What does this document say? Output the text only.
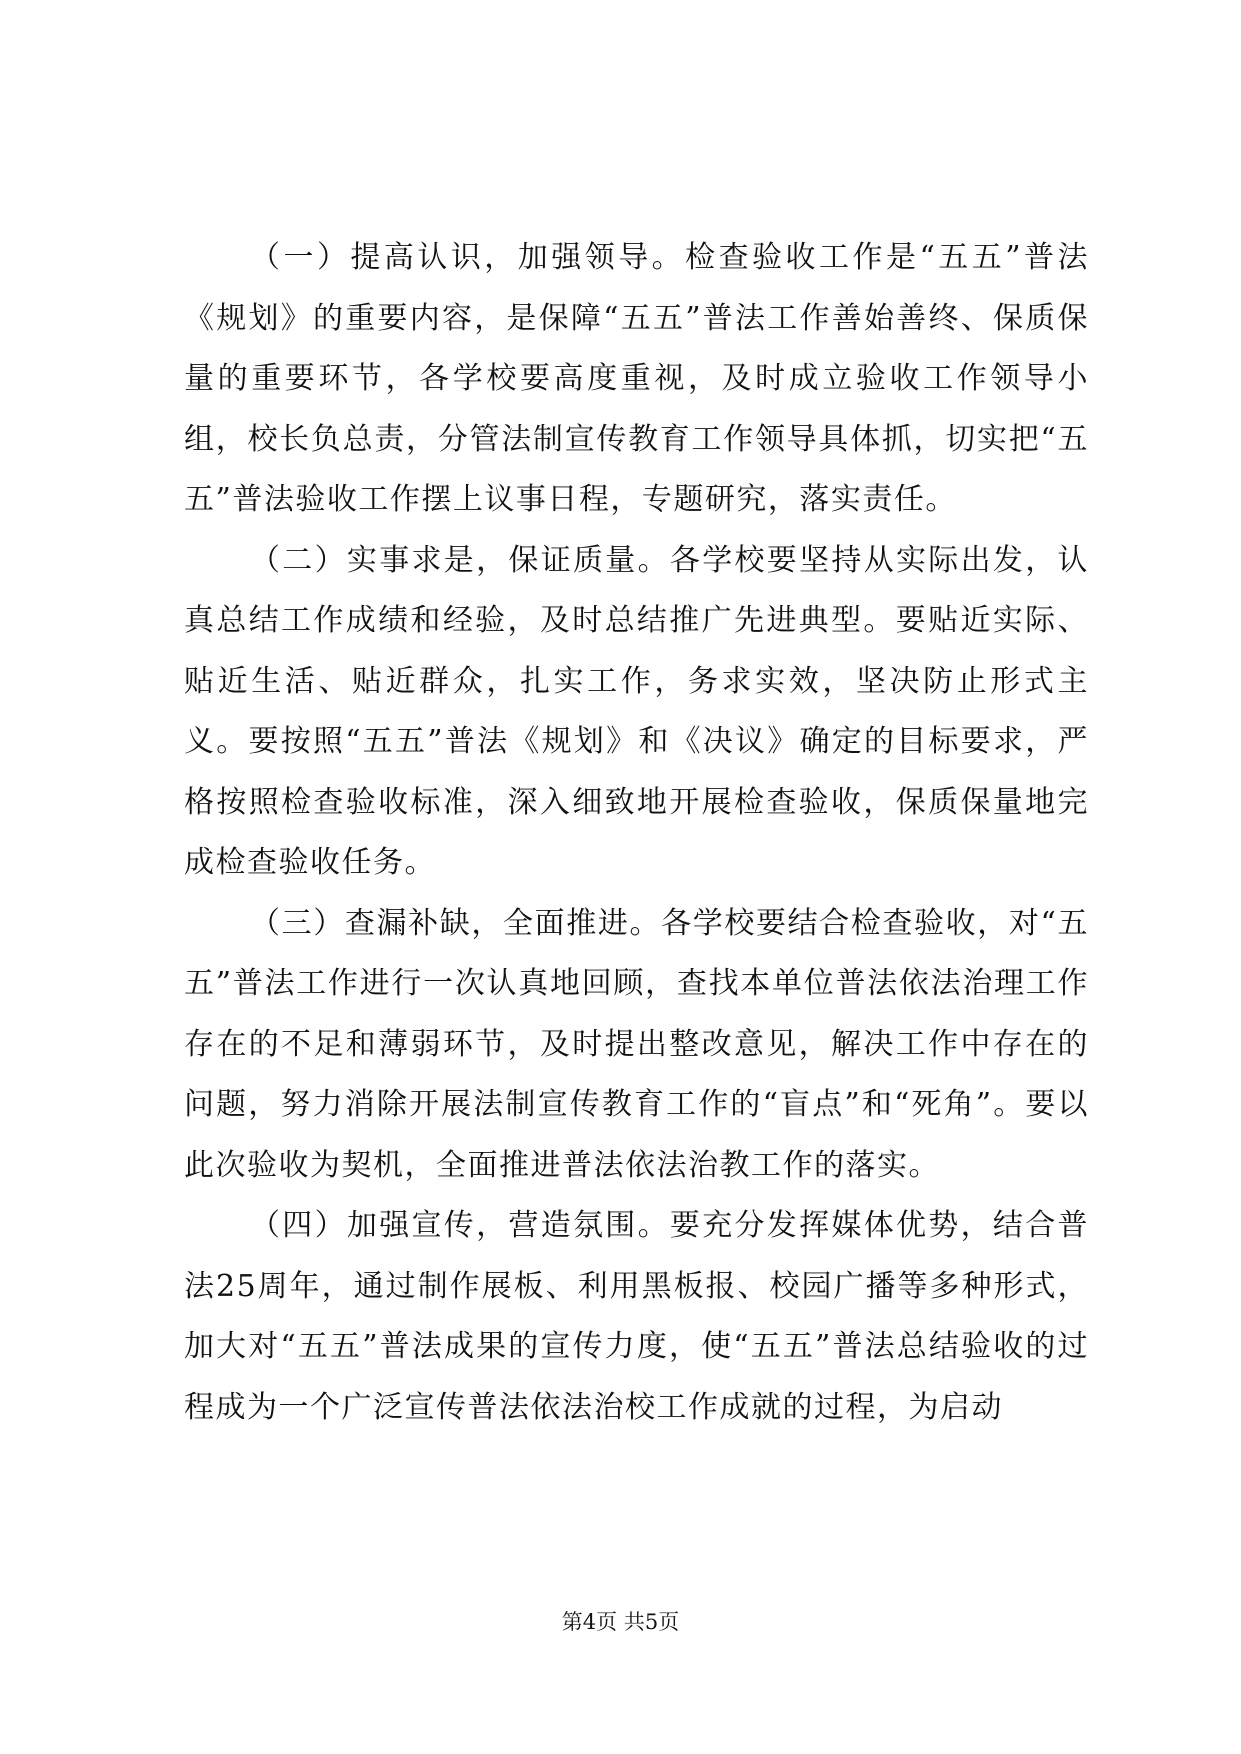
（一）提高认识，加强领导。检查验收工作是“五五”普法《规划》的重要内容，是保障“五五”普法工作善始善终、保质保量的重要环节，各学校要高度重视，及时成立验收工作领导小组，校长负总责，分管法制宣传教育工作领导具体抓，切实把“五五”普法验收工作摆上议事日程，专题研究，落实责任。

（二）实事求是，保证质量。各学校要坚持从实际出发，认真总结工作成绩和经验，及时总结推广先进典型。要贴近实际、贴近生活、贴近群众，扎实工作，务求实效，坚决防止形式主义。要按照“五五”普法《规划》和《决议》确定的目标要求，严格按照检查验收标准，深入细致地开展检查验收，保质保量地完成检查验收任务。

（三）查漏补缺，全面推进。各学校要结合检查验收，对“五五”普法工作进行一次认真地回顾，查找本单位普法依法治理工作存在的不足和薄弱环节，及时提出整改意见，解决工作中存在的问题，努力消除开展法制宣传教育工作的“盲点”和“死角”。要以此次验收为契机，全面推进普法依法治教工作的落实。

（四）加强宣传，营造氛围。要充分发挥媒体优势，结合普法25周年，通过制作展板、利用黑板报、校园广播等多种形式，加大对“五五”普法成果的宣传力度，使“五五”普法总结验收的过程成为一个广泛宣传普法依法治校工作成就的过程，为启动

第4页 共5页
